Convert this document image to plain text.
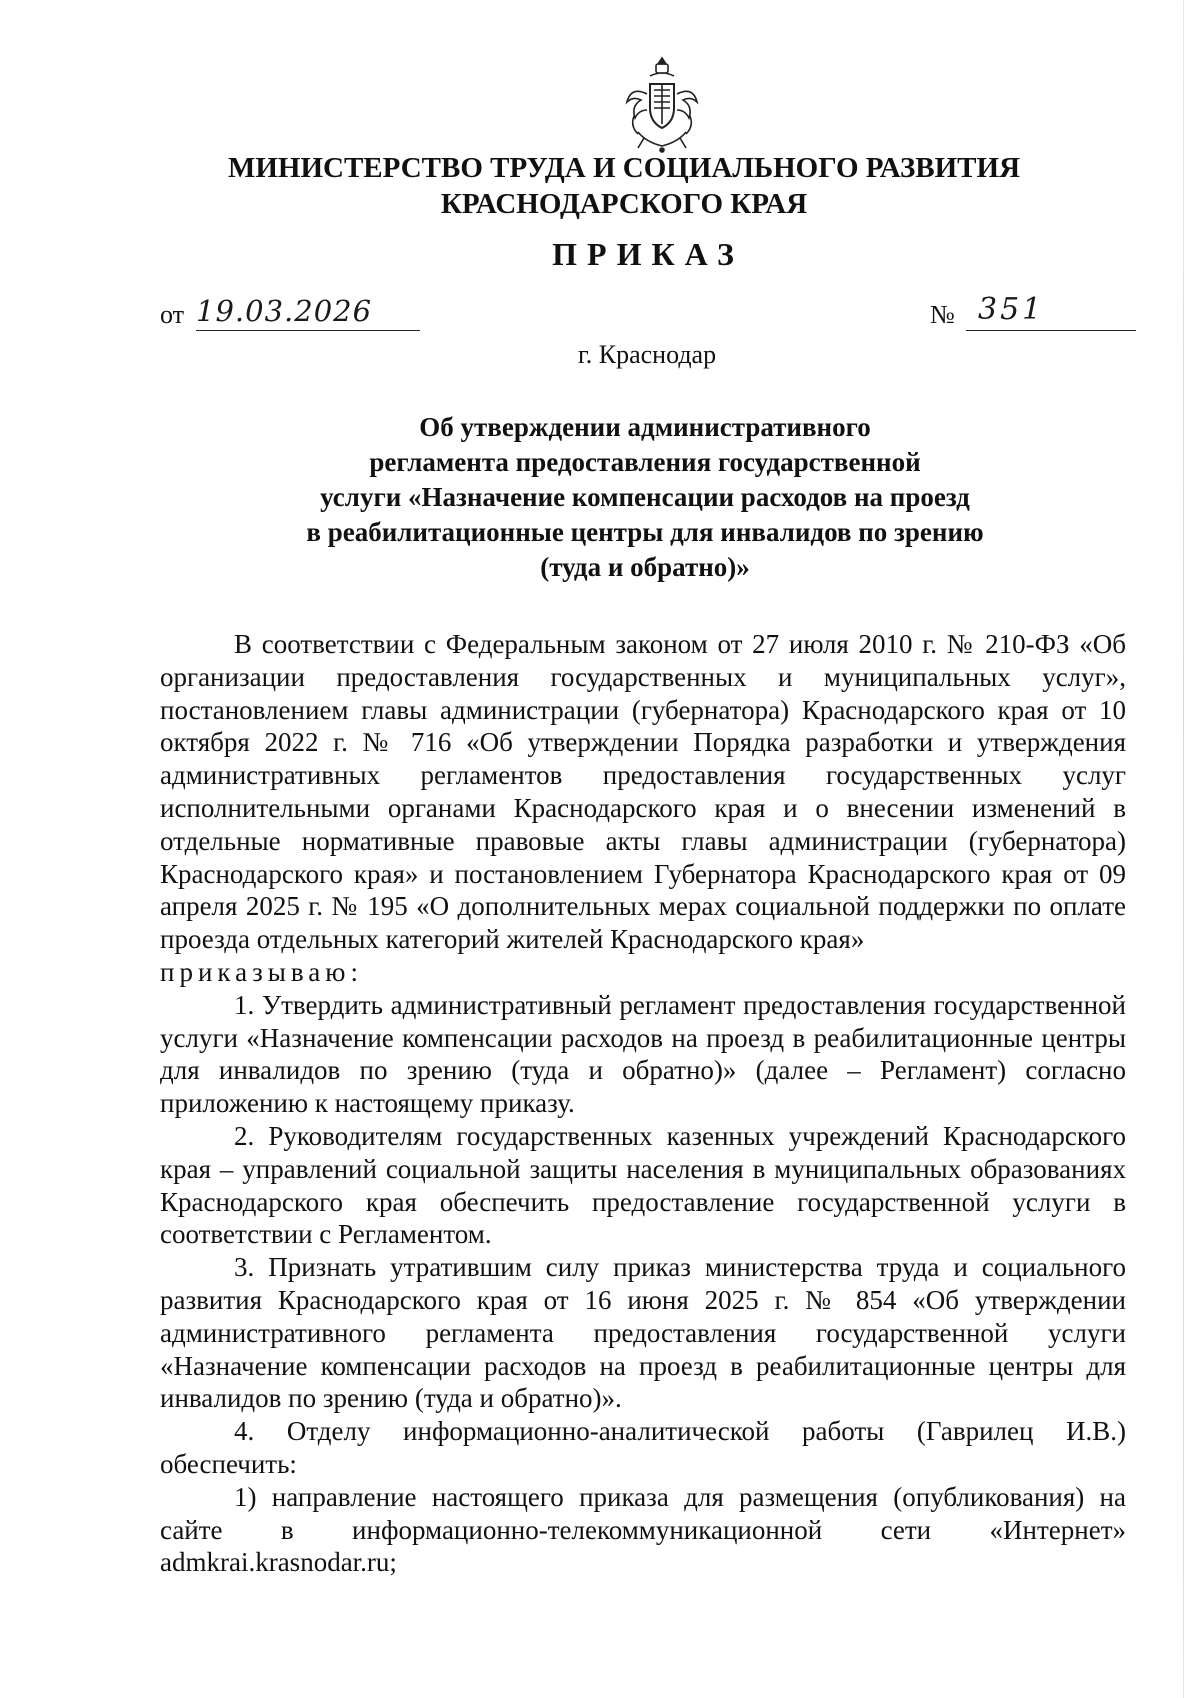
МИНИСТЕРСТВО ТРУДА И СОЦИАЛЬНОГО РАЗВИТИЯ
КРАСНОДАРСКОГО КРАЯ
ПРИКАЗ
от 19.03.2026	№ 351
г. Краснодар
Об утверждении административного
регламента предоставления государственной
услуги «Назначение компенсации расходов на проезд
в реабилитационные центры для инвалидов по зрению
(туда и обратно)»

В соответствии с Федеральным законом от 27 июля 2010 г. № 210-ФЗ «Об организации предоставления государственных и муниципальных услуг», постановлением главы администрации (губернатора) Краснодарского края от 10 октября 2022 г. № 716 «Об утверждении Порядка разработки и утверждения административных регламентов предоставления государственных услуг исполнительными органами Краснодарского края и о внесении изменений в отдельные нормативные правовые акты главы администрации (губернатора) Краснодарского края» и постановлением Губернатора Краснодарского края от 09 апреля 2025 г. № 195 «О дополнительных мерах социальной поддержки по оплате проезда отдельных категорий жителей Краснодарского края»

приказываю:

1. Утвердить административный регламент предоставления государственной услуги «Назначение компенсации расходов на проезд в реабилитационные центры для инвалидов по зрению (туда и обратно)» (далее – Регламент) согласно приложению к настоящему приказу.

2. Руководителям государственных казенных учреждений Краснодарского края – управлений социальной защиты населения в муниципальных образованиях Краснодарского края обеспечить предоставление государственной услуги в соответствии с Регламентом.

3. Признать утратившим силу приказ министерства труда и социального развития Краснодарского края от 16 июня 2025 г. № 854 «Об утверждении административного регламента предоставления государственной услуги «Назначение компенсации расходов на проезд в реабилитационные центры для инвалидов по зрению (туда и обратно)».

4. Отделу информационно-аналитической работы (Гаврилец И.В.) обеспечить:

1) направление настоящего приказа для размещения (опубликования) на сайте в информационно-телекоммуникационной сети «Интернет» admkrai.krasnodar.ru;
